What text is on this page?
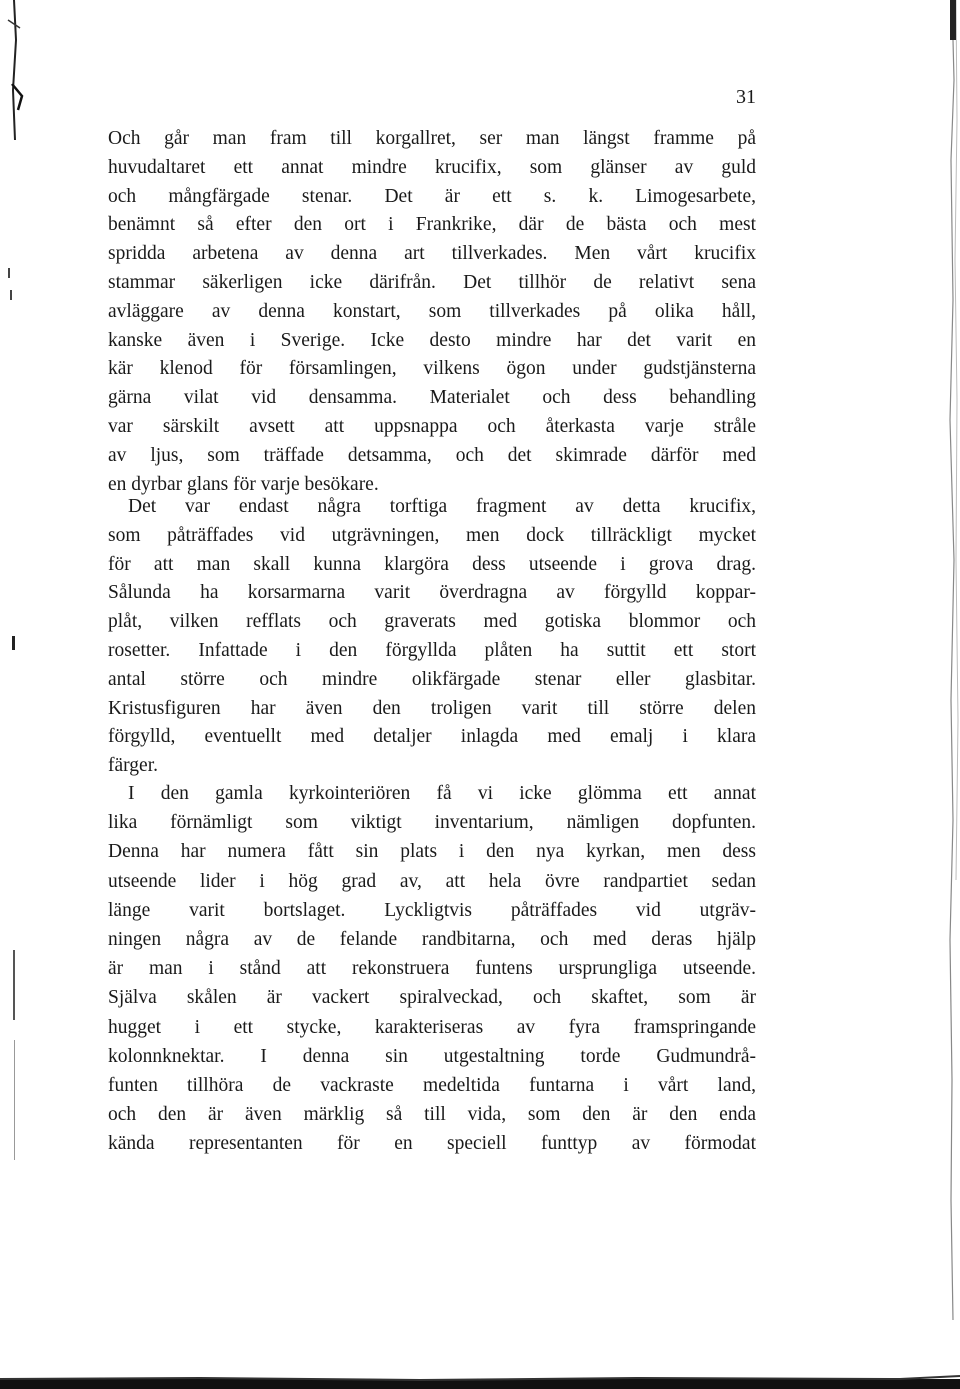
31
Och går man fram till korgallret, ser man längst framme på
huvudaltaret ett annat mindre krucifix, som glänser av guld
och mångfärgade stenar. Det är ett s. k. Limogesarbete,
benämnt så efter den ort i Frankrike, där de bästa och mest
spridda arbetena av denna art tillverkades. Men vårt krucifix
stammar säkerligen icke därifrån. Det tillhör de relativt sena
avläggare av denna konstart, som tillverkades på olika håll,
kanske även i Sverige. Icke desto mindre har det varit en
kär klenod för församlingen, vilkens ögon under gudstjänsterna
gärna vilat vid densamma. Materialet och dess behandling
var särskilt avsett att uppsnappa och återkasta varje stråle
av ljus, som träffade detsamma, och det skimrade därför med
en dyrbar glans för varje besökare.
Det var endast några torftiga fragment av detta krucifix,
som påträffades vid utgrävningen, men dock tillräckligt mycket
för att man skall kunna klargöra dess utseende i grova drag.
Sålunda ha korsarmarna varit överdragna av förgylld koppar-
plåt, vilken refflats och graverats med gotiska blommor och
rosetter. Infattade i den förgyllda plåten ha suttit ett stort
antal större och mindre olikfärgade stenar eller glasbitar.
Kristusfiguren har även den troligen varit till större delen
förgylld, eventuellt med detaljer inlagda med emalj i klara
färger.
I den gamla kyrkointeriören få vi icke glömma ett annat
lika förnämligt som viktigt inventarium, nämligen dopfunten.
Denna har numera fått sin plats i den nya kyrkan, men dess
utseende lider i hög grad av, att hela övre randpartiet sedan
länge varit bortslaget. Lyckligtvis påträffades vid utgräv-
ningen några av de felande randbitarna, och med deras hjälp
är man i stånd att rekonstruera funtens ursprungliga utseende.
Själva skålen är vackert spiralveckad, och skaftet, som är
hugget i ett stycke, karakteriseras av fyra framspringande
kolonnknektar. I denna sin utgestaltning torde Gudmundrå-
funten tillhöra de vackraste medeltida funtarna i vårt land,
och den är även märklig så till vida, som den är den enda
kända representanten för en speciell funttyp av förmodat
